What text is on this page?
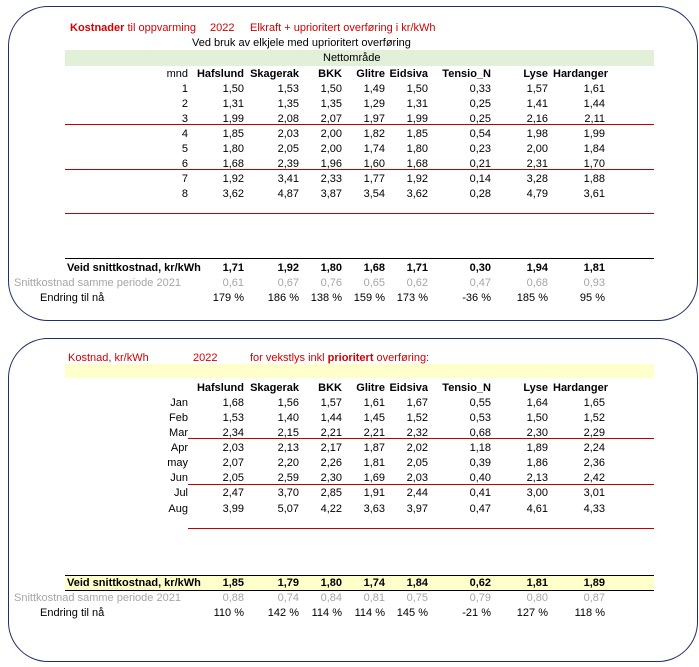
Kostnader til oppvarming 2022 Elkraft + uprioritert overføring i kr/kWh
Ved bruk av elkjele med uprioritert overføring
Nettområde
mnd Hafslund Skagerak	BKK	Glitre Eidsiva Tensio_N	Lyse Hardanger
1	1,50	1,53	1,50	1,49	1,50	0,33	1,57	1,61
2	1,31	1,35	1,35	1,29	1,31	0,25	1,41	1,44
3	1,99	2,08	2,07	1,97	1,99	0,25	2,16	2,11
4	1,85	2,03	2,00	1,82	1,85	0,54	1,98	1,99
5	1,80	2,05	2,00	1,74	1,80	0,23	2,00	1,84
6	1,68	2,39	1,96	1,60	1,68	0,21	2,31	1,70
7	1,92	3,41	2,33	1,77	1,92	0,14	3,28	1,88
8	3,62	4,87	3,87	3,54	3,62	0,28	4,79	3,61
Veid snittkostnad, kr/kWh	1,71	1,92	1,80	1,68	1,71	0,30	1,94	1,81
Snittkostnad samme periode 2021	0,61	0,67	0,76	0,65	0,62	0,47	0,68	0,93
Endring til nå	179 %	186 %	138 %	159 %	173 %	-36 %	185 %	95 %
Kostnad, kr/kWh	2022	for vekstlys inkl prioritert overføring:
Hafslund Skagerak	BKK	Glitre Eidsiva Tensio_N	Lyse Hardanger
Jan	1,68	1,56	1,57	1,61	1,67	0,55	1,64	1,65
Feb	1,53	1,40	1,44	1,45	1,52	0,53	1,50	1,52
Mar	2,34	2,15	2,21	2,21	2,32	0,68	2,30	2,29
Apr	2,03	2,13	2,17	1,87	2,02	1,18	1,89	2,24
may	2,07	2,20	2,26	1,81	2,05	0,39	1,86	2,36
Jun	2,05	2,59	2,30	1,69	2,03	0,40	2,13	2,42
Jul	2,47	3,70	2,85	1,91	2,44	0,41	3,00	3,01
Aug	3,99	5,07	4,22	3,63	3,97	0,47	4,61	4,33
Veid snittkostnad, kr/kWh	1,85	1,79	1,80	1,74	1,84	0,62	1,81	1,89
Snittkostnad samme periode 2021	0,88	0,74	0,84	0,81	0,75	0,79	0,80	0,87
Endring til nå	110 %	142 %	114 %	114 %	145 %	-21 %	127 %	118 %
